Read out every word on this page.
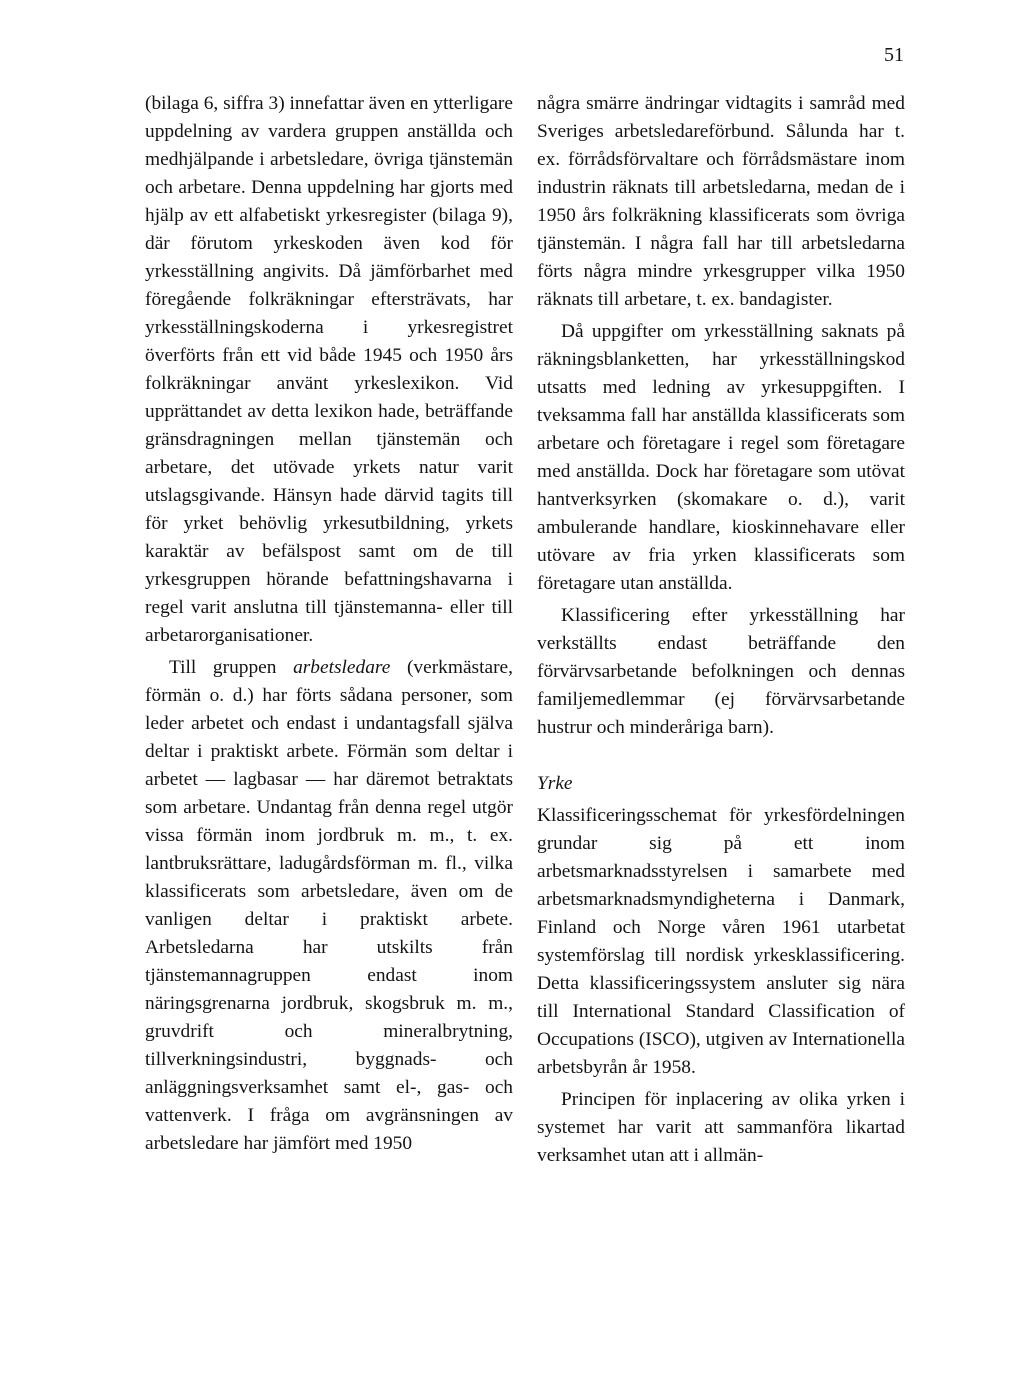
51

(bilaga 6, siffra 3) innefattar även en ytterligare uppdelning av vardera gruppen anställda och medhjälpande i arbetsledare, övriga tjänstemän och arbetare. Denna uppdelning har gjorts med hjälp av ett alfabetiskt yrkesregister (bilaga 9), där förutom yrkeskoden även kod för yrkesställning angivits. Då jämförbarhet med föregående folkräkningar eftersträvats, har yrkesställningskoderna i yrkesregistret överförts från ett vid både 1945 och 1950 års folkräkningar använt yrkeslexikon. Vid upprättandet av detta lexikon hade, beträffande gränsdragningen mellan tjänstemän och arbetare, det utövade yrkets natur varit utslagsgivande. Hänsyn hade därvid tagits till för yrket behövlig yrkesutbildning, yrkets karaktär av befälspost samt om de till yrkesgruppen hörande befattningshavarna i regel varit anslutna till tjänstemanna- eller till arbetarorganisationer.

Till gruppen arbetsledare (verkmästare, förmän o. d.) har förts sådana personer, som leder arbetet och endast i undantagsfall själva deltar i praktiskt arbete. Förmän som deltar i arbetet — lagbasar — har däremot betraktats som arbetare. Undantag från denna regel utgör vissa förmän inom jordbruk m. m., t. ex. lantbruksrättare, ladugårdsförman m. fl., vilka klassificerats som arbetsledare, även om de vanligen deltar i praktiskt arbete. Arbetsledarna har utskilts från tjänstemannagruppen endast inom näringsgrenarna jordbruk, skogsbruk m. m., gruvdrift och mineralbrytning, tillverkningsindustri, byggnads- och anläggningsverksamhet samt el-, gas- och vattenverk. I fråga om avgränsningen av arbetsledare har jämfört med 1950

några smärre ändringar vidtagits i samråd med Sveriges arbetsledareförbund. Sålunda har t. ex. förrådsförvaltare och förrådsmästare inom industrin räknats till arbetsledarna, medan de i 1950 års folkräkning klassificerats som övriga tjänstemän. I några fall har till arbetsledarna förts några mindre yrkesgrupper vilka 1950 räknats till arbetare, t. ex. bandagister.

Då uppgifter om yrkesställning saknats på räkningsblanketten, har yrkesställningskod utsatts med ledning av yrkesuppgiften. I tveksamma fall har anställda klassificerats som arbetare och företagare i regel som företagare med anställda. Dock har företagare som utövat hantverksyrken (skomakare o. d.), varit ambulerande handlare, kioskinnehavare eller utövare av fria yrken klassificerats som företagare utan anställda.

Klassificering efter yrkesställning har verkställts endast beträffande den förvärvsarbetande befolkningen och dennas familjemedlemmar (ej förvärvsarbetande hustrur och minderåriga barn).

Yrke

Klassificeringsschemat för yrkesfördelningen grundar sig på ett inom arbetsmarknadsstyrelsen i samarbete med arbetsmarknadsmyndigheterna i Danmark, Finland och Norge våren 1961 utarbetat systemförslag till nordisk yrkesklassificering. Detta klassificeringssystem ansluter sig nära till International Standard Classification of Occupations (ISCO), utgiven av Internationella arbetsbyrån år 1958.

Principen för inplacering av olika yrken i systemet har varit att sammanföra likartad verksamhet utan att i allmän-
